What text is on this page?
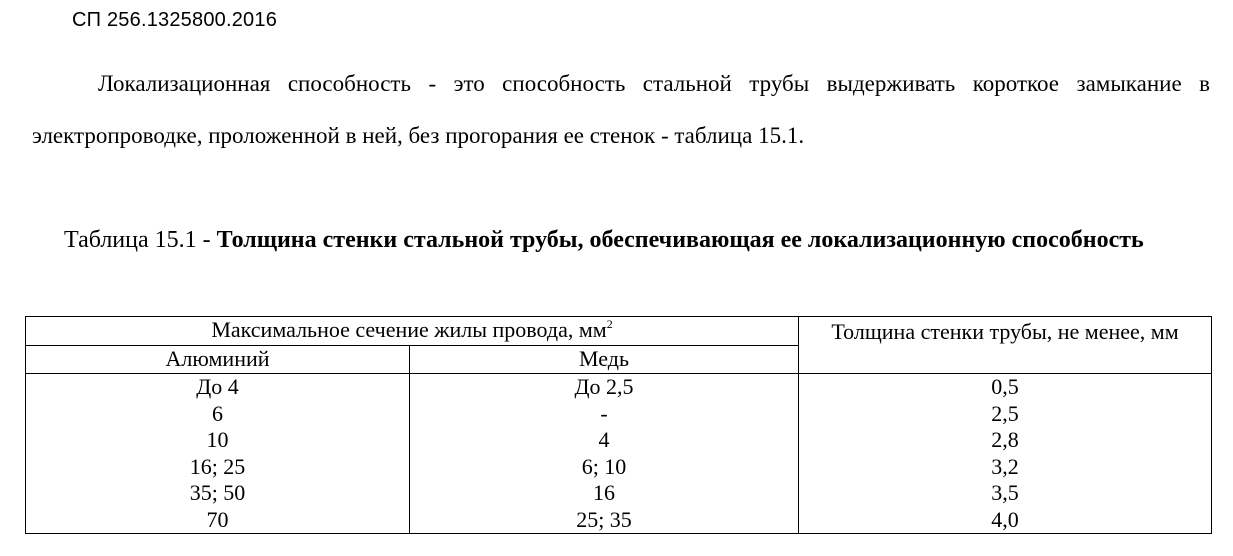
СП 256.1325800.2016

Локализационная способность - это способность стальной трубы выдерживать короткое замыкание в электропроводке, проложенной в ней, без прогорания ее стенок - таблица 15.1.

Таблица 15.1 - Толщина стенки стальной трубы, обеспечивающая ее локализационную способность

Максимальное сечение жилы провода, $мм^2$		Толщина стенки трубы, не менее, мм
Алюминий	Медь	
До 4	До 2,5	0,5
6	-	2,5
10	4	2,8
16; 25	6; 10	3,2
35; 50	16	3,5
70	25; 35	4,0
